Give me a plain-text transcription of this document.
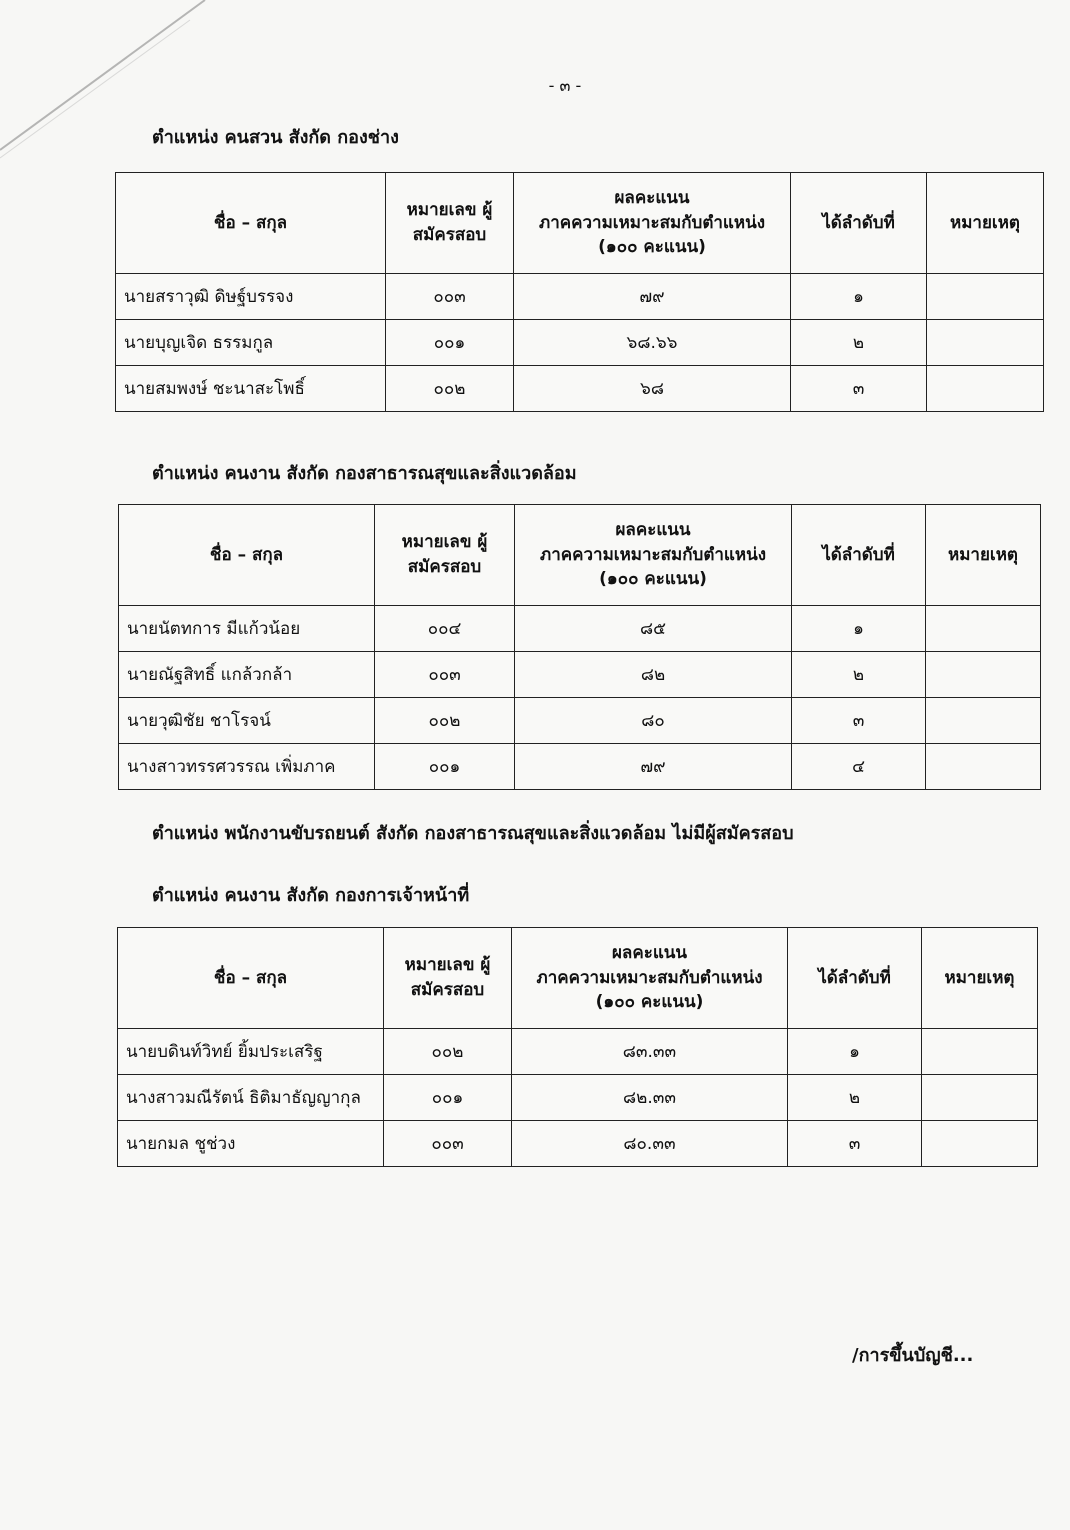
- ๓ -
ตำแหน่ง คนสวน สังกัด กองช่าง
ชื่อ – สกุล	หมายเลข ผู้สมัครสอบ	ผลคะแนน
ภาคความเหมาะสมกับตำแหน่ง
(๑๐๐ คะแนน)	ได้ลำดับที่	หมายเหตุ
นายสราวุฒิ ดิษฐ์บรรจง	๐๐๓	๗๙	๑	
นายบุญเจิด ธรรมกูล	๐๐๑	๖๘.๖๖	๒	
นายสมพงษ์ ชะนาสะโพธิ์	๐๐๒	๖๘	๓	
ตำแหน่ง คนงาน สังกัด กองสาธารณสุขและสิ่งแวดล้อม
ชื่อ – สกุล	หมายเลข ผู้สมัครสอบ	ผลคะแนน
ภาคความเหมาะสมกับตำแหน่ง
(๑๐๐ คะแนน)	ได้ลำดับที่	หมายเหตุ
นายนัตทการ มีแก้วน้อย	๐๐๔	๘๕	๑	
นายณัฐสิทธิ์ แกล้วกล้า	๐๐๓	๘๒	๒	
นายวุฒิชัย ชาโรจน์	๐๐๒	๘๐	๓	
นางสาวทรรศวรรณ เพิ่มภาค	๐๐๑	๗๙	๔	
ตำแหน่ง พนักงานขับรถยนต์ สังกัด กองสาธารณสุขและสิ่งแวดล้อม ไม่มีผู้สมัครสอบ
ตำแหน่ง คนงาน สังกัด กองการเจ้าหน้าที่
ชื่อ – สกุล	หมายเลข ผู้สมัครสอบ	ผลคะแนน
ภาคความเหมาะสมกับตำแหน่ง
(๑๐๐ คะแนน)	ได้ลำดับที่	หมายเหตุ
นายบดินท์วิทย์ ยิ้มประเสริฐ	๐๐๒	๘๓.๓๓	๑	
นางสาวมณีรัตน์ ธิติมาธัญญากุล	๐๐๑	๘๒.๓๓	๒	
นายกมล ชูช่วง	๐๐๓	๘๐.๓๓	๓	
/การขึ้นบัญชี...
